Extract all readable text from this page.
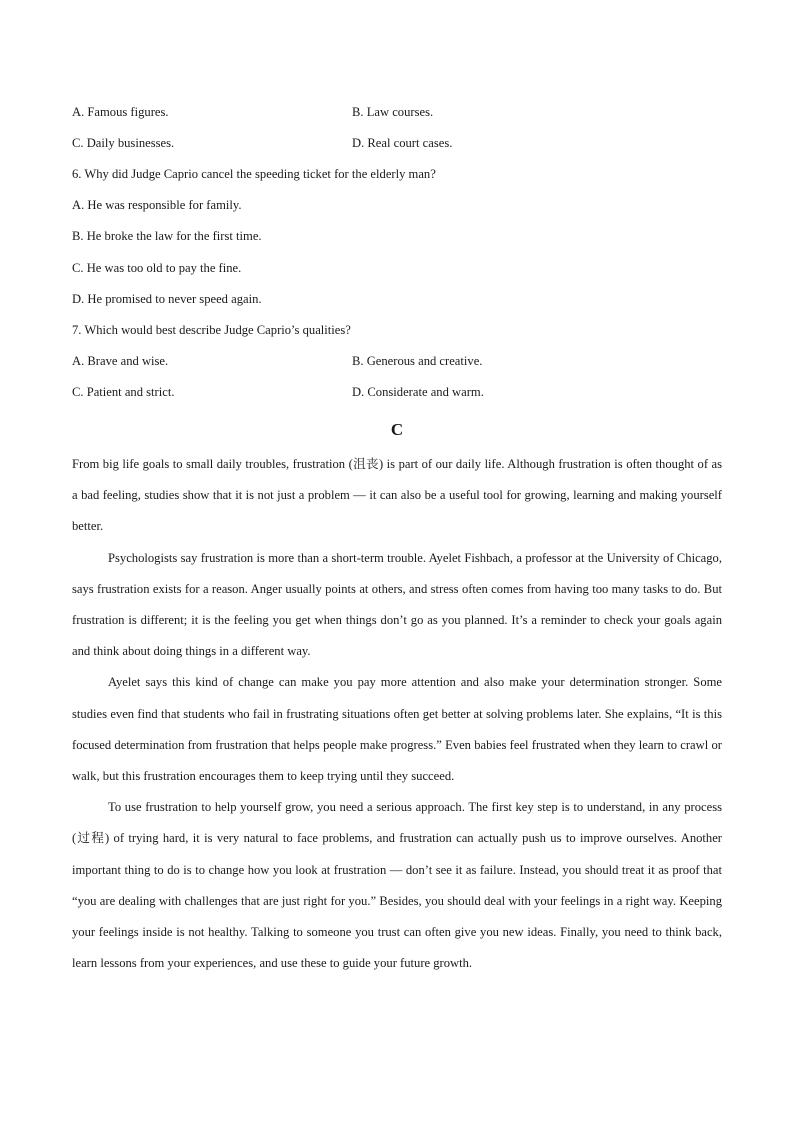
A. Famous figures.	B. Law courses.
C. Daily businesses.	D. Real court cases.
6. Why did Judge Caprio cancel the speeding ticket for the elderly man?
A. He was responsible for family.
B. He broke the law for the first time.
C. He was too old to pay the fine.
D. He promised to never speed again.
7. Which would best describe Judge Caprio’s qualities?
A. Brave and wise.	B. Generous and creative.
C. Patient and strict.	D. Considerate and warm.
C

From big life goals to small daily troubles, frustration (沮丧) is part of our daily life. Although frustration is often thought of as a bad feeling, studies show that it is not just a problem — it can also be a useful tool for growing, learning and making yourself better.

Psychologists say frustration is more than a short-term trouble. Ayelet Fishbach, a professor at the University of Chicago, says frustration exists for a reason. Anger usually points at others, and stress often comes from having too many tasks to do. But frustration is different; it is the feeling you get when things don’t go as you planned. It’s a reminder to check your goals again and think about doing things in a different way.

Ayelet says this kind of change can make you pay more attention and also make your determination stronger. Some studies even find that students who fail in frustrating situations often get better at solving problems later. She explains, “It is this focused determination from frustration that helps people make progress.” Even babies feel frustrated when they learn to crawl or walk, but this frustration encourages them to keep trying until they succeed.

To use frustration to help yourself grow, you need a serious approach. The first key step is to understand, in any process (过程) of trying hard, it is very natural to face problems, and frustration can actually push us to improve ourselves. Another important thing to do is to change how you look at frustration — don’t see it as failure. Instead, you should treat it as proof that “you are dealing with challenges that are just right for you.” Besides, you should deal with your feelings in a right way. Keeping your feelings inside is not healthy. Talking to someone you trust can often give you new ideas. Finally, you need to think back, learn lessons from your experiences, and use these to guide your future growth.
